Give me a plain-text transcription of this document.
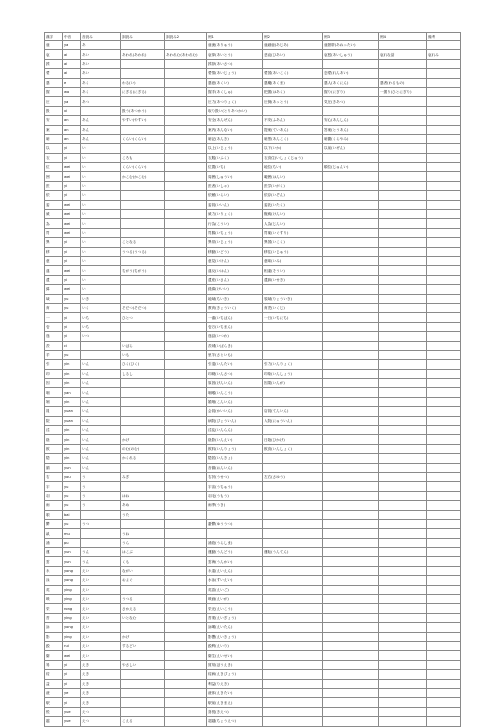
漢字	中音	音読み	訓読み	訓読み2	例1	例2	例3	例4	備考
亜	ya	あ			亜流(ありゅう)	亜細亜(あじあ)	亜熱帯(あねったい)		
哀	ai	あい	あわれ(あわれ)	あわれむ(あわれむ)	哀悼(あいとう)	悲哀(ひあい)	哀愁(あいしゅう)	哀れな話	哀れみ
挨	ai	あい			挨拶(あいさつ)				
愛	ai	あい			愛情(あいじょう)	愛国(あいこく)	恋愛(れんあい)		
悪	e	あく	わる(い)		悪意(あくい)	悪魔(あくま)	悪人(あくにん)	悪者(わるもの)	
握	wo	あく	にぎる(にぎる)		握手(あくしゅ)	把握(はあく)	握り(にぎり)	一握り(ひとにぎり)	
圧	ya	あつ			圧力(あつりょく)	圧倒(あっとう)	気圧(きあつ)		
扱	xi		扱う(あつかう)		取り扱い(とりあつかい)				
安	an	あん	やすい(やすい)		安全(あんぜん)	不安(ふあん)	安心(あんしん)		
案	an	あん			案内(あんない)	提案(ていあん)	答案(とうあん)		
暗	an	あん	くらい(くらい)		暗記(あんき)	暗黒(あんこく)	暗闇(くらやみ)		
以	yi	い			以上(いじょう)	以下(いか)	以前(いぜん)		
衣	yi	い	ころも		衣服(いふく)	衣食住(いしょくじゅう)			
位	wei	い	くらい(くらい)		位置(いち)	地位(ちい)	順位(じゅんい)		
囲	wei	い	かこむ(かこむ)		周囲(しゅうい)	範囲(はんい)			
医	yi	い			医者(いしゃ)	医学(いがく)			
依	yi	い			依頼(いらい)	依存(いぞん)			
委	wei	い			委員(いいん)	委託(いたく)			
威	wei	い			威力(いりょく)	権威(けんい)			
為	wei	い			行為(こうい)	人為(じんい)			
胃	wei	い			胃腸(いちょう)	胃薬(いぐすり)			
異	yi	い	ことなる		異常(いじょう)	異国(いこく)			
移	yi	い	うつる(うつる)		移動(いどう)	移住(いじゅう)			
意	yi	い			意見(いけん)	意味(いみ)			
違	wei	い	ちがう(ちがう)		違反(いはん)	相違(そうい)			
遺	yi	い			遺産(いさん)	遺跡(いせき)			
緯	wei	い			経緯(けいい)				
域	yu	いき			地域(ちいき)	領域(りょういき)			
育	yu	いく	そだつ(そだつ)		教育(きょういく)	育児(いくじ)			
一	yi	いち	ひとつ		一番(いちばん)	一日(いちにち)			
壱	yi	いち			壱万(いちまん)				
逸	yi	いつ			逸話(いつわ)				
茨	ci		いばら		茨城(いばらき)				
芋	yu		いも		里芋(さといも)				
引	yin	いん	ひく(ひく)		引退(いんたい)	引力(いんりょく)			
印	yin	いん	しるし		印刷(いんさつ)	印象(いんしょう)			
因	yin	いん			原因(げんいん)	因果(いんが)			
咽	yan	いん			咽喉(いんこう)				
姻	yin	いん			婚姻(こんいん)				
員	yuan	いん			会員(かいいん)	店員(てんいん)			
院	yuan	いん			病院(びょういん)	入院(にゅういん)			
淫	yin	いん			淫乱(いんらん)				
陰	yin	いん	かげ		陰影(いんえい)	日陰(ひかげ)			
飲	yin	いん	のむ(のむ)		飲料(いんりょう)	飲食(いんしょく)			
隠	yin	いん	かくれる		隠居(いんきょ)				
韻	yun	いん			音韻(おんいん)				
右	you	う	みぎ		右折(うせつ)	左右(さゆう)			
宇	yu	う			宇宙(うちゅう)				
羽	yu	う	はね		羽毛(うもう)				
雨	yu	う	あめ		雨季(うき)				
唄	bai		うた						
鬱	yu	うつ			憂鬱(ゆううつ)				
畝	mu		うね						
浦	pu		うら		浦島(うらしま)				
運	yun	うん	はこぶ		運動(うんどう)	運転(うんてん)			
雲	yun	うん	くも		雲海(うんかい)				
永	yong	えい	ながい		永遠(えいえん)				
泳	yong	えい	およぐ		水泳(すいえい)				
英	ying	えい			英語(えいご)				
映	ying	えい	うつる		映画(えいが)				
栄	rong	えい	さかえる		栄光(えいこう)				
営	ying	えい	いとなむ		営業(えいぎょう)				
詠	yong	えい			詠嘆(えいたん)				
影	ying	えい	かげ		影響(えいきょう)				
鋭	rui	えい	するどい		鋭利(えいり)				
衛	wei	えい			衛生(えいせい)				
易	yi	えき	やさしい		貿易(ぼうえき)				
疫	yi	えき			疫病(えきびょう)				
益	yi	えき			利益(りえき)				
液	ye	えき			液体(えきたい)				
駅	yi	えき			駅前(えきまえ)				
悦	yue	えつ			喜悦(きえつ)				
越	yue	えつ	こえる		超越(ちょうえつ)				
